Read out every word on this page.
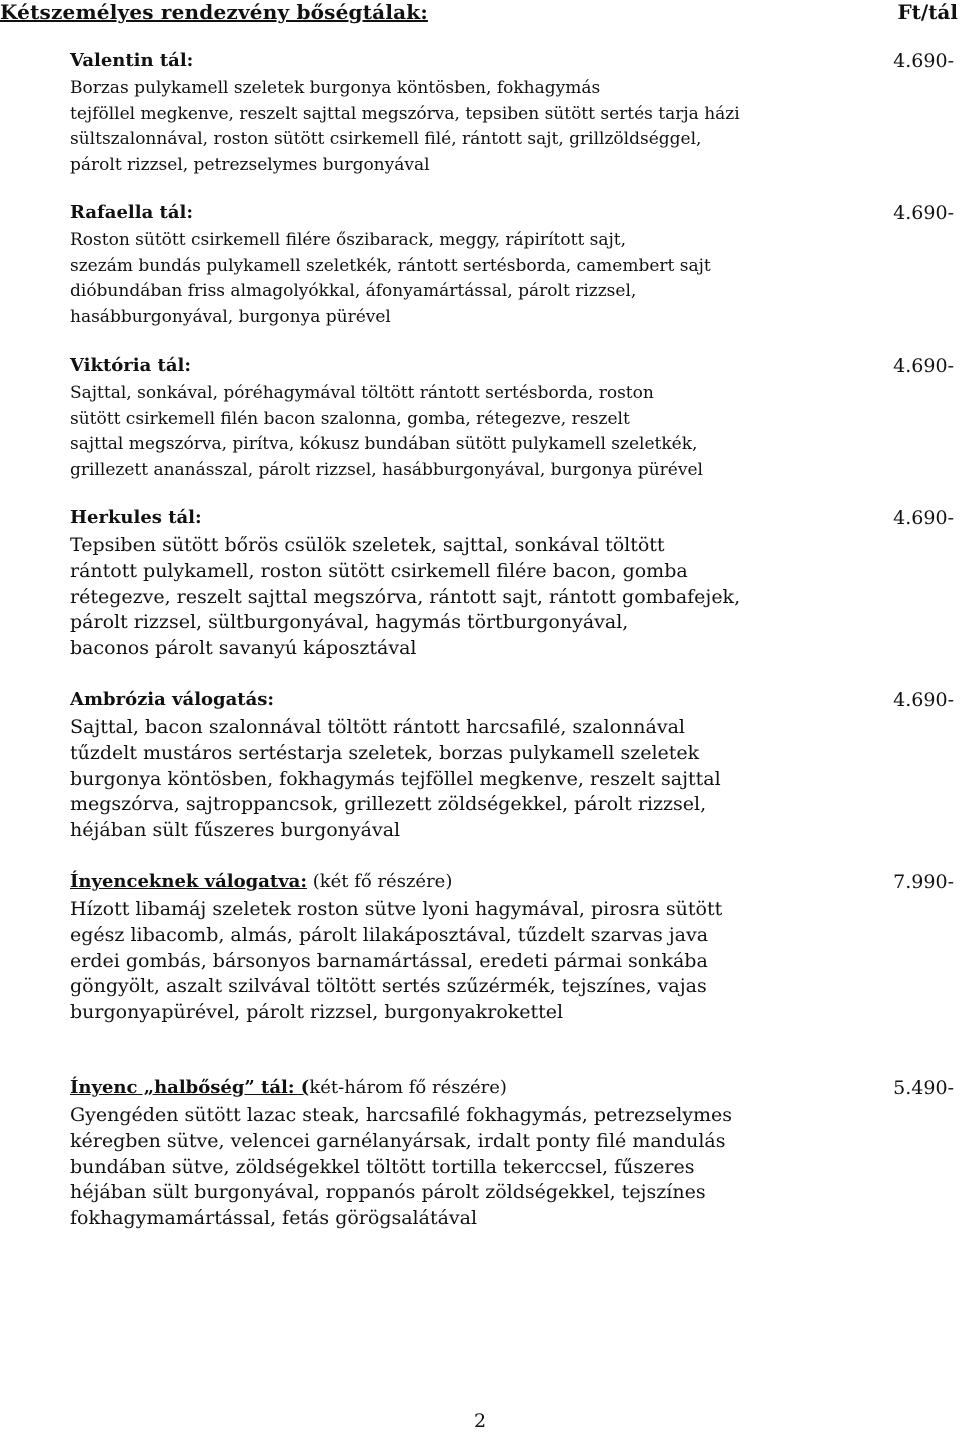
Kétszemélyes rendezvény bőségtálak:	Ft/tál
Valentin tál:	4.690-
Borzas pulykamell szeletek burgonya köntösben, fokhagymás
tejföllel megkenve, reszelt sajttal megszórva, tepsiben sütött sertés tarja házi
sültszalonnával, roston sütött csirkemell filé, rántott sajt, grillzöldséggel,
párolt rizzsel, petrezselymes burgonyával
Rafaella tál:	4.690-
Roston sütött csirkemell filére őszibarack, meggy, rápirított sajt,
szezám bundás pulykamell szeletkék, rántott sertésborda, camembert sajt
dióbundában friss almagolyókkal, áfonyamártással, párolt rizzsel,
hasábburgonyával, burgonya pürével
Viktória tál:	4.690-
Sajttal, sonkával, póréhagymával töltött rántott sertésborda, roston
sütött csirkemell filén bacon szalonna, gomba, rétegezve, reszelt
sajttal megszórva, pirítva, kókusz bundában sütött pulykamell szeletkék,
grillezett ananásszal, párolt rizzsel, hasábburgonyával, burgonya pürével
Herkules tál:	4.690-
Tepsiben sütött bőrös csülök szeletek, sajttal, sonkával töltött
rántott pulykamell, roston sütött csirkemell filére bacon, gomba
rétegezve, reszelt sajttal megszórva, rántott sajt, rántott gombafejek,
párolt rizzsel, sültburgonyával, hagymás törtburgonyával,
baconos párolt savanyú káposztával
Ambrózia válogatás:	4.690-
Sajttal, bacon szalonnával töltött rántott harcsafilé, szalonnával
tűzdelt mustáros sertéstarja szeletek, borzas pulykamell szeletek
burgonya köntösben, fokhagymás tejföllel megkenve, reszelt sajttal
megszórva, sajtroppancsok, grillezett zöldségekkel, párolt rizzsel,
héjában sült fűszeres burgonyával
Ínyenceknek válogatva: (két fő részére)	7.990-
Hízott libamáj szeletek roston sütve lyoni hagymával, pirosra sütött
egész libacomb, almás, párolt lilakáposztával, tűzdelt szarvas java
erdei gombás, bársonyos barnamártással, eredeti pármai sonkába
göngyölt, aszalt szilvával töltött sertés szűzérmék, tejszínes, vajas
burgonyapürével, párolt rizzsel, burgonyakrokettel
Ínyenc „halbőség” tál: (két-három fő részére)	5.490-
Gyengéden sütött lazac steak, harcsafilé fokhagymás, petrezselymes
kéregben sütve, velencei garnélanyársak, irdalt ponty filé mandulás
bundában sütve, zöldségekkel töltött tortilla tekercсsel, fűszeres
héjában sült burgonyával, roppanós párolt zöldségekkel, tejszínes
fokhagymamártással, fetás görögsalátával
2
